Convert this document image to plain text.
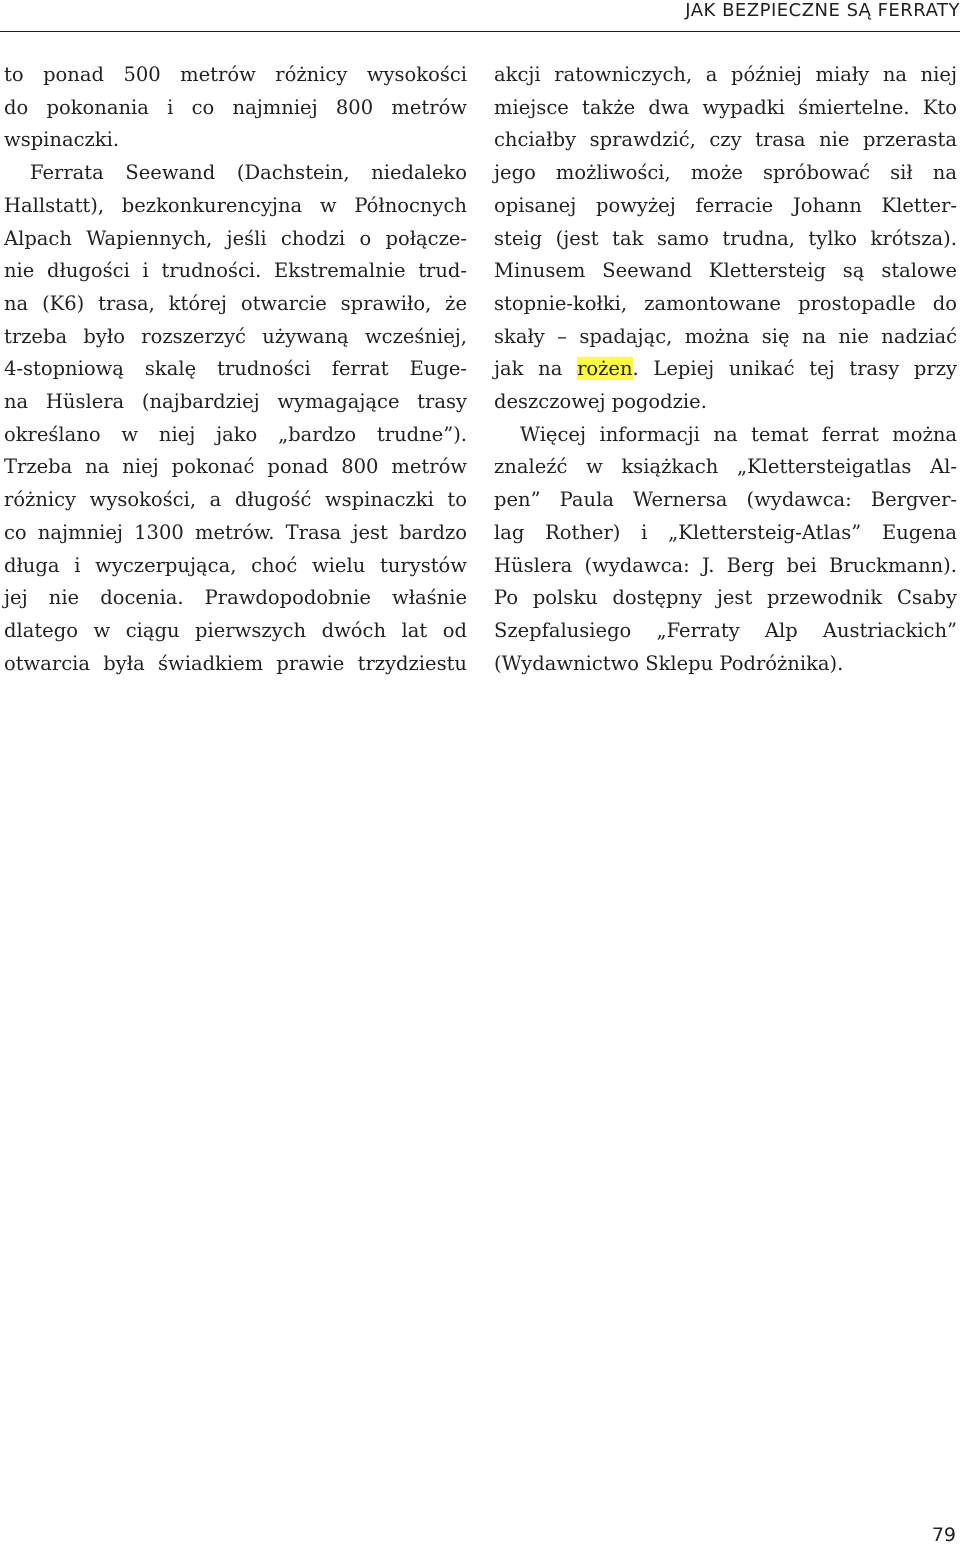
JAK BEZPIECZNE SĄ FERRATY

to ponad 500 metrów różnicy wysokości
do pokonania i co najmniej 800 metrów
wspinaczki.

Ferrata Seewand (Dachstein, niedaleko
Hallstatt), bezkonkurencyjna w Północnych
Alpach Wapiennych, jeśli chodzi o połącze-
nie długości i trudności. Ekstremalnie trud-
na (K6) trasa, której otwarcie sprawiło, że
trzeba było rozszerzyć używaną wcześniej,
4-stopniową skalę trudności ferrat Euge-
na Hüslera (najbardziej wymagające trasy
określano w niej jako „bardzo trudne”).
Trzeba na niej pokonać ponad 800 metrów
różnicy wysokości, a długość wspinaczki to
co najmniej 1300 metrów. Trasa jest bardzo
długa i wyczerpująca, choć wielu turystów
jej nie docenia. Prawdopodobnie właśnie
dlatego w ciągu pierwszych dwóch lat od
otwarcia była świadkiem prawie trzydziestu

akcji ratowniczych, a później miały na niej
miejsce także dwa wypadki śmiertelne. Kto
chciałby sprawdzić, czy trasa nie przerasta
jego możliwości, może spróbować sił na
opisanej powyżej ferracie Johann Kletter-
steig (jest tak samo trudna, tylko krótsza).
Minusem Seewand Klettersteig są stalowe
stopnie-kołki, zamontowane prostopadle do
skały – spadając, można się na nie nadziać
jak na rożen. Lepiej unikać tej trasy przy
deszczowej pogodzie.

Więcej informacji na temat ferrat można
znaleźć w książkach „Klettersteigatlas Al-
pen” Paula Wernersa (wydawca: Bergver-
lag Rother) i „Klettersteig-Atlas” Eugena
Hüslera (wydawca: J. Berg bei Bruckmann).
Po polsku dostępny jest przewodnik Csaby
Szepfalusiego „Ferraty Alp Austriackich”
(Wydawnictwo Sklepu Podróżnika).

79
